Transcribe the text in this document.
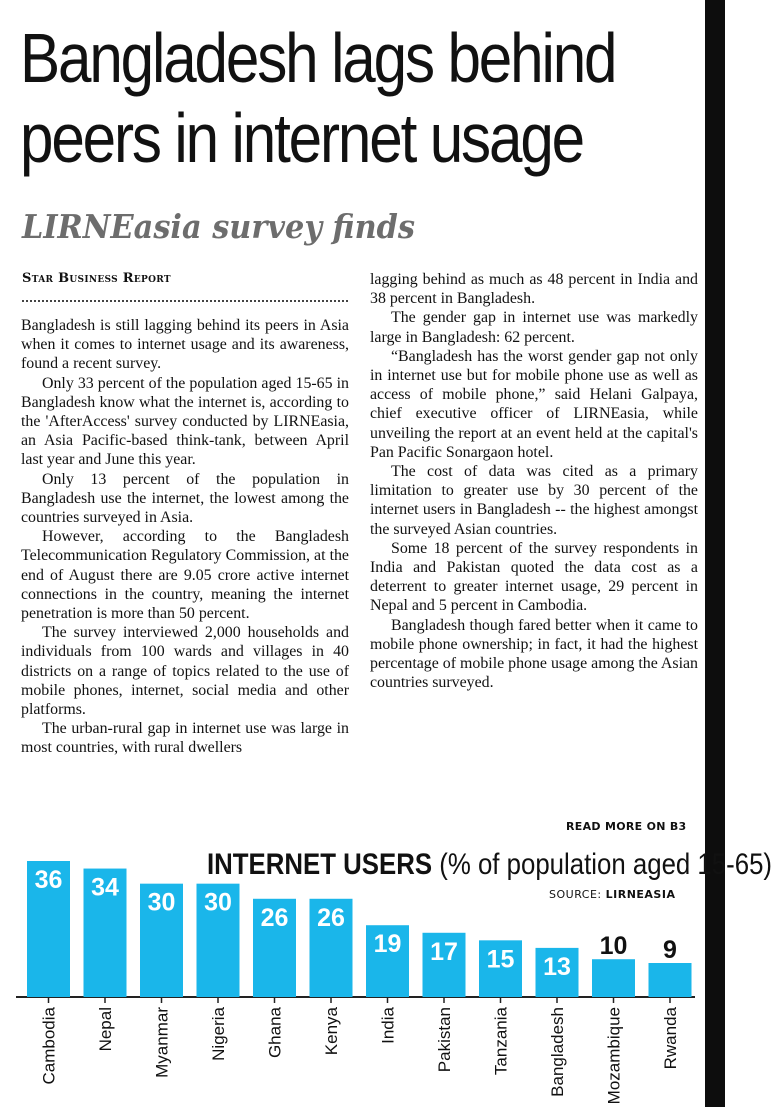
Bangladesh lags behind
peers in internet usage
LIRNEasia survey finds
Star Business Report

Bangladesh is still lagging behind its peers in Asia when it comes to internet usage and its awareness, found a recent survey.

Only 33 percent of the population aged 15-65 in Bangladesh know what the internet is, according to the 'AfterAccess' survey conducted by LIRNEasia, an Asia Pacific-based think-tank, between April last year and June this year.

Only 13 percent of the population in Bangladesh use the internet, the lowest among the countries surveyed in Asia.

However, according to the Bangladesh Telecommunication Regulatory Commission, at the end of August there are 9.05 crore active internet connections in the country, meaning the internet penetration is more than 50 percent.

The survey interviewed 2,000 households and individuals from 100 wards and villages in 40 districts on a range of topics related to the use of mobile phones, internet, social media and other platforms.

The urban-rural gap in internet use was large in most countries, with rural dwellers

lagging behind as much as 48 percent in India and 38 percent in Bangladesh.

The gender gap in internet use was markedly large in Bangladesh: 62 percent.

“Bangladesh has the worst gender gap not only in internet use but for mobile phone use as well as access of mobile phone,” said Helani Galpaya, chief executive officer of LIRNEasia, while unveiling the report at an event held at the capital's Pan Pacific Sonargaon hotel.

The cost of data was cited as a primary limitation to greater use by 30 percent of the internet users in Bangladesh -- the highest amongst the surveyed Asian countries.

Some 18 percent of the survey respondents in India and Pakistan quoted the data cost as a deterrent to greater internet usage, 29 percent in Nepal and 5 percent in Cambodia.

Bangladesh though fared better when it came to mobile phone ownership; in fact, it had the highest percentage of mobile phone usage among the Asian countries surveyed.

READ MORE ON B3
INTERNET USERS (% of population aged 15-65)
SOURCE: LIRNEASIA
36
Cambodia
34
Nepal
30
Myanmar
30
Nigeria
26
Ghana
26
Kenya
19
India
17
Pakistan
15
Tanzania
13
Bangladesh
10
Mozambique
9
Rwanda
